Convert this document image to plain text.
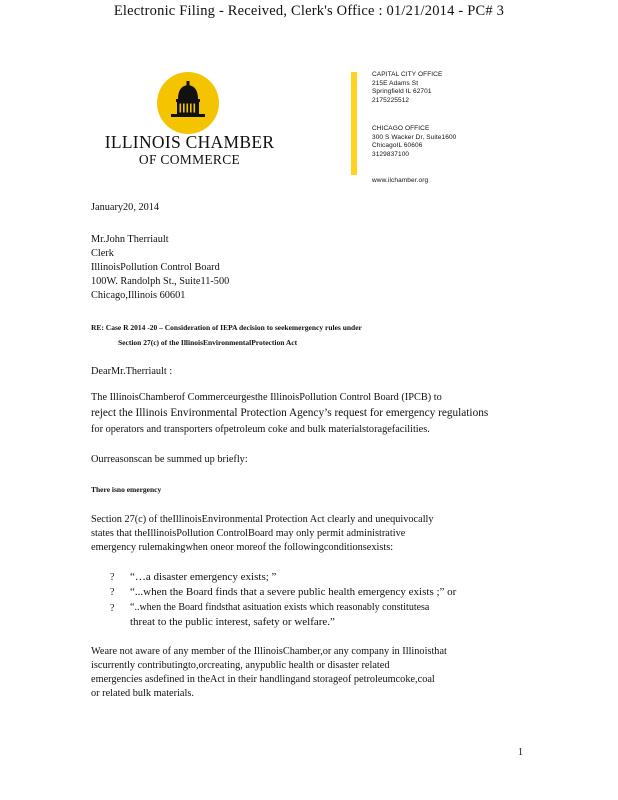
Electronic Filing - Received, Clerk's Office : 01/21/2014 - PC# 3
ILLINOIS CHAMBER
OF COMMERCE
CAPITAL CITY OFFICE
215E Adams St
Springfield IL 62701
2175225512
CHICAGO OFFICE
300 S Wacker Dr, Suite1600
ChicagoIL 60606
3129837100
www.ilchamber.org
January20, 2014
Mr.John Therriault
Clerk
IllinoisPollution Control Board
100W. Randolph St., Suite11-500
Chicago,Illinois 60601
RE: Case R 2014 -20 – Consideration of IEPA decision to seekemergency rules under
Section 27(c) of the IllinoisEnvironmentalProtection Act
DearMr.Therriault :
The IllinoisChamberof Commerceurgesthe IllinoisPollution Control Board (IPCB) to
reject the Illinois Environmental Protection Agency’s request for emergency regulations
for operators and transporters ofpetroleum coke and bulk materialstoragefacilities.
Ourreasonscan be summed up briefly:
There isno emergency
Section 27(c) of theIllinoisEnvironmental Protection Act clearly and unequivocally
states that theIllinoisPollution ControlBoard may only permit administrative
emergency rulemakingwhen oneor moreof the followingconditionsexists:
? “…a disaster emergency exists; ”
? “...when the Board finds that a severe public health emergency exists ;” or
? “..when the Board findsthat asituation exists which reasonably constitutesa
threat to the public interest, safety or welfare.”
Weare not aware of any member of the IllinoisChamber,or any company in Illinoisthat
iscurrently contributingto,orcreating, anypublic health or disaster related
emergencies asdefined in theAct in their handlingand storageof petroleumcoke,coal
or related bulk materials.
1
